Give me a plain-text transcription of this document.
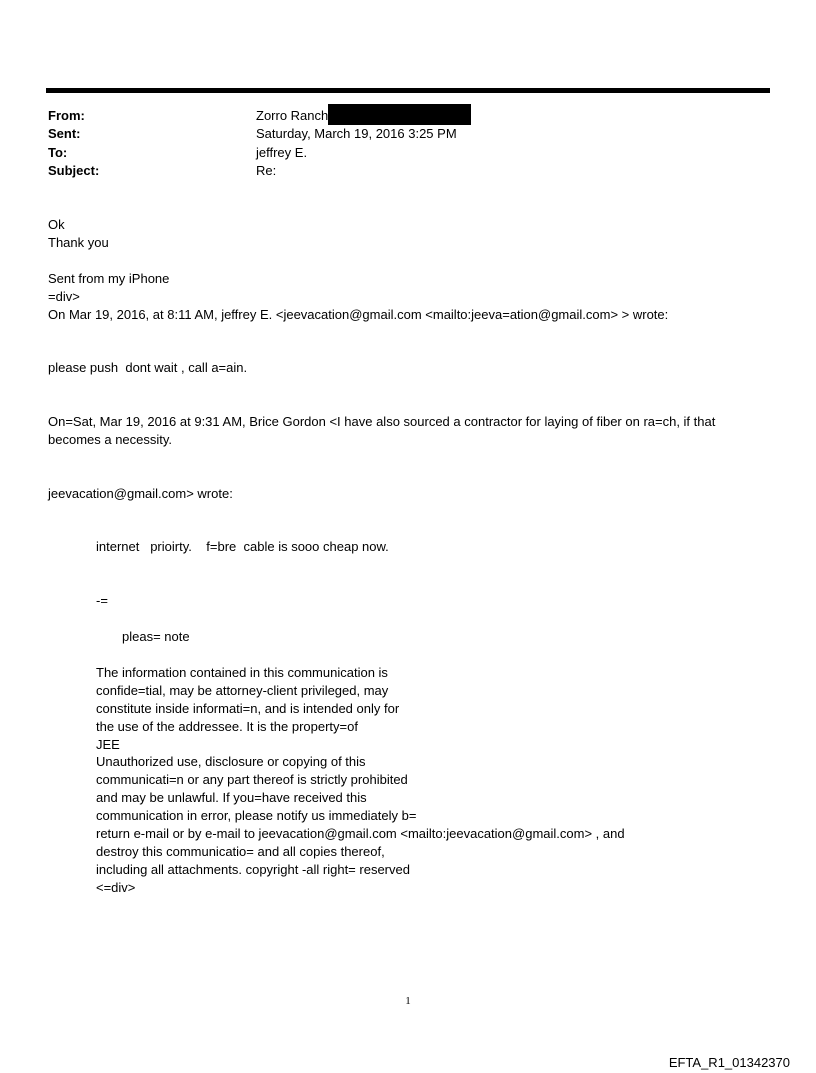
From:	Zorro Ranch
Sent:	Saturday, March 19, 2016 3:25 PM
To:	jeffrey E.
Subject:	Re:
Ok
Thank you
Sent from my iPhone
=div>
On Mar 19, 2016, at 8:11 AM, jeffrey E. <jeevacation@gmail.com <mailto:jeeva=ation@gmail.com> > wrote:
please push  dont wait , call a=ain.
On=Sat, Mar 19, 2016 at 9:31 AM, Brice Gordon <I have also sourced a contractor for laying of fiber on ra=ch, if that
becomes a necessity.
jeevacation@gmail.com> wrote:
internet   prioirty.    f=bre  cable is sooo cheap now.
-=
pleas= note
The information contained in this communication is
confide=tial, may be attorney-client privileged, may
constitute inside informati=n, and is intended only for
the use of the addressee. It is the property=of
JEE
Unauthorized use, disclosure or copying of this
communicati=n or any part thereof is strictly prohibited
and may be unlawful. If you=have received this
communication in error, please notify us immediately b=
return e-mail or by e-mail to jeevacation@gmail.com <mailto:jeevacation@gmail.com> , and
destroy this communicatio= and all copies thereof,
including all attachments. copyright -all right= reserved
<=div>
1
EFTA_R1_01342370
